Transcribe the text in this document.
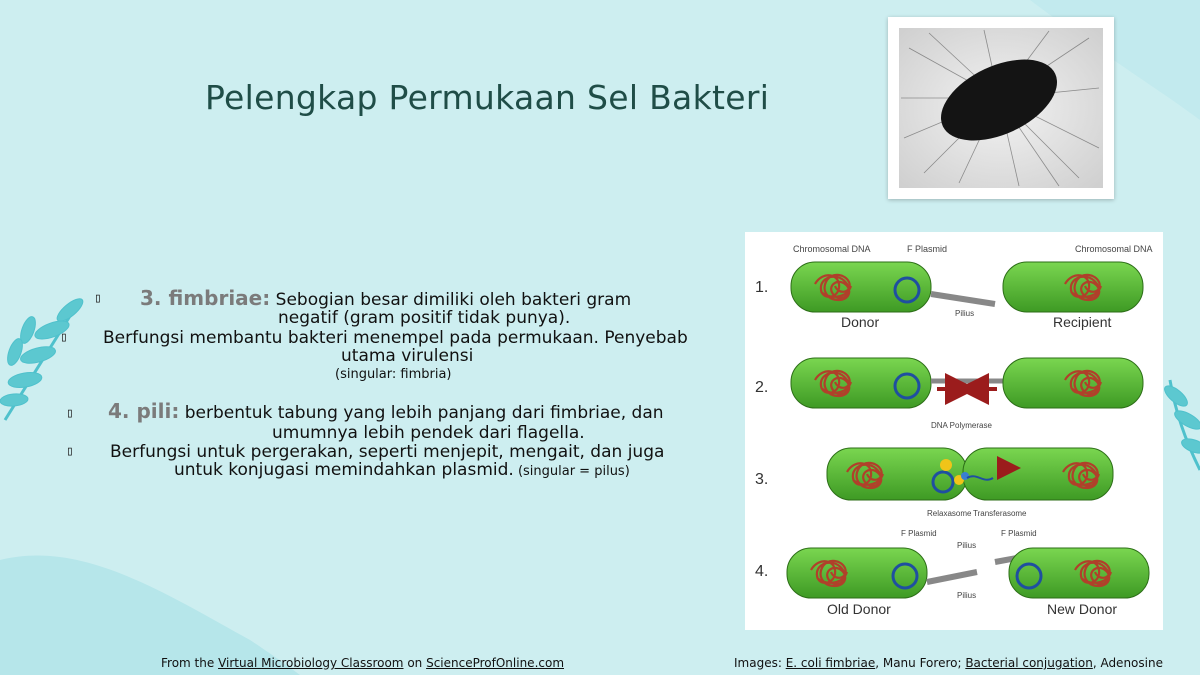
Pelengkap Permukaan Sel Bakteri
▯ 3. fimbriae: Sebogian besar dimiliki oleh bakteri gram
negatif (gram positif tidak punya).
▯ Berfungsi membantu bakteri menempel pada permukaan. Penyebab
utama virulensi
(singular: fimbria)
▯ 4. pili: berbentuk tabung yang lebih panjang dari fimbriae, dan
umumnya lebih pendek dari flagella.
▯ Berfungsi untuk pergerakan, seperti menjepit, mengait, dan juga
untuk konjugasi memindahkan plasmid. (singular = pilus)
1.
2.
3.
4.
Chromosomal DNA	F Plasmid	Chromosomal DNA
Pilius
Donor	Recipient
DNA Polymerase
Relaxasome Transferasome
F Plasmid	F Plasmid
Pilius
Pilius
Old Donor	New Donor
From the Virtual Microbiology Classroom on ScienceProfOnline.com	Images: E. coli fimbriae, Manu Forero; Bacterial conjugation, Adenosine
